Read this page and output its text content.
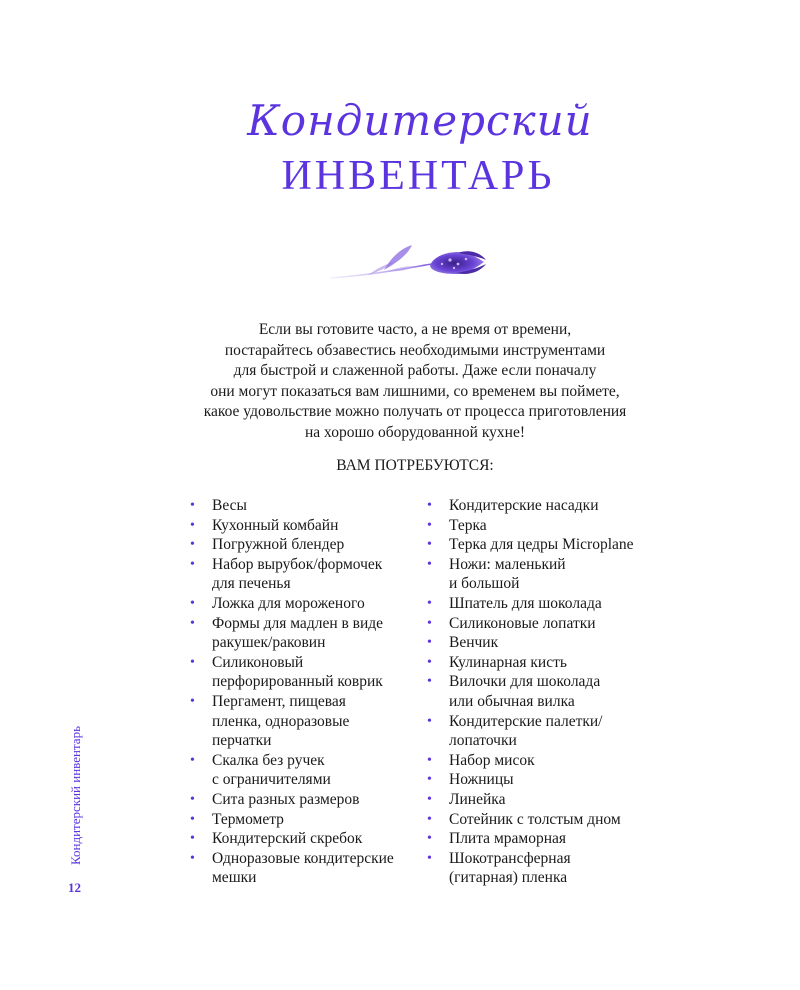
Кондитерский
ИНВЕНТАРЬ
Если вы готовите часто, а не время от времени,
постарайтесь обзавестись необходимыми инструментами
для быстрой и слаженной работы. Даже если поначалу
они могут показаться вам лишними, со временем вы поймете,
какое удовольствие можно получать от процесса приготовления
на хорошо оборудованной кухне!
ВАМ ПОТРЕБУЮТСЯ:
• Весы
• Кухонный комбайн
• Погружной блендер
• Набор вырубок/формочек
для печенья
• Ложка для мороженого
• Формы для мадлен в виде
ракушек/раковин
• Силиконовый
перфорированный коврик
• Пергамент, пищевая
пленка, одноразовые
перчатки
• Скалка без ручек
с ограничителями
• Сита разных размеров
• Термометр
• Кондитерский скребок
• Одноразовые кондитерские
мешки
• Кондитерские насадки
• Терка
• Терка для цедры Microplane
• Ножи: маленький
и большой
• Шпатель для шоколада
• Силиконовые лопатки
• Венчик
• Кулинарная кисть
• Вилочки для шоколада
или обычная вилка
• Кондитерские палетки/
лопаточки
• Набор мисок
• Ножницы
• Линейка
• Сотейник с толстым дном
• Плита мраморная
• Шокотрансферная
(гитарная) пленка
Кондитерский инвентарь
12
